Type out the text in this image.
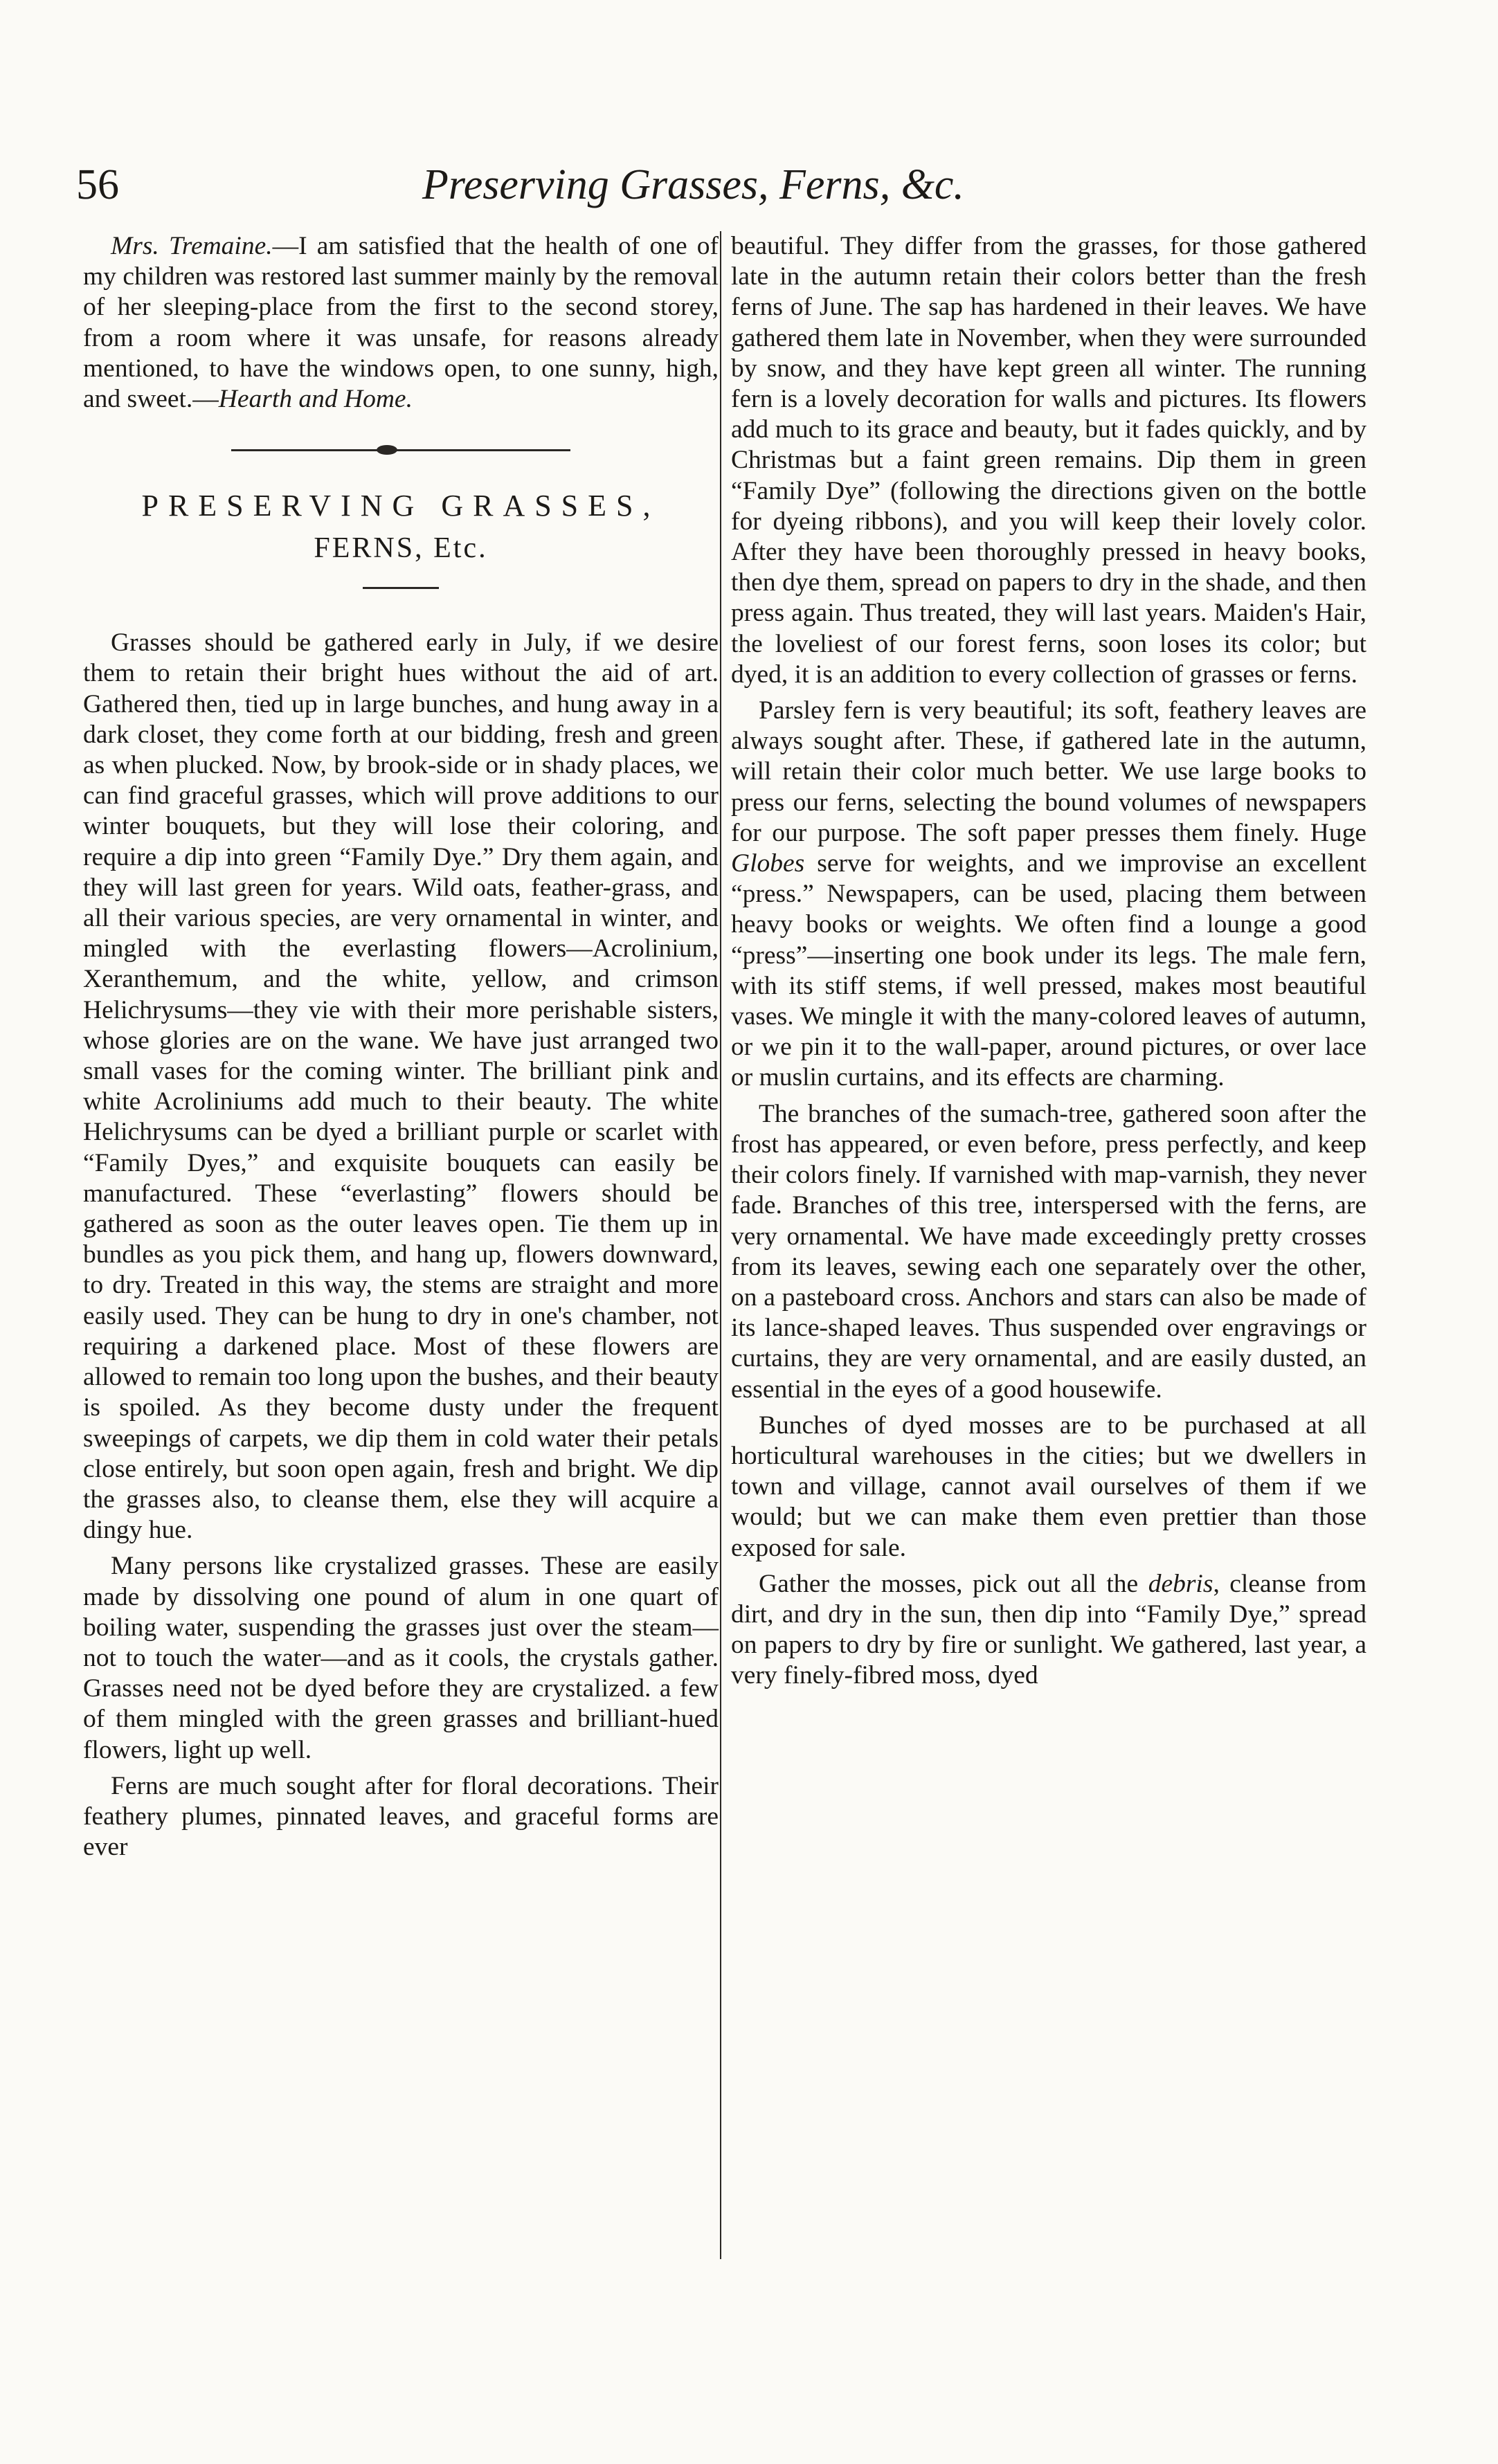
56	Preserving Grasses, Ferns, &c.

Mrs. Tremaine.—I am satisfied that the health of one of my children was restored last summer mainly by the removal of her sleeping-place from the first to the second storey, from a room where it was unsafe, for reasons already mentioned, to have the windows open, to one sunny, high, and sweet.—Hearth and Home.

PRESERVING GRASSES,

FERNS, Etc.

Grasses should be gathered early in July, if we desire them to retain their bright hues without the aid of art. Gathered then, tied up in large bunches, and hung away in a dark closet, they come forth at our bidding, fresh and green as when plucked. Now, by brook-side or in shady places, we can find graceful grasses, which will prove additions to our winter bouquets, but they will lose their coloring, and require a dip into green “Family Dye.” Dry them again, and they will last green for years. Wild oats, feather-grass, and all their various species, are very ornamental in winter, and mingled with the everlasting flowers—Acrolinium, Xeranthemum, and the white, yellow, and crimson Helichrysums—they vie with their more perishable sisters, whose glories are on the wane. We have just arranged two small vases for the coming winter. The brilliant pink and white Acroliniums add much to their beauty. The white Helichrysums can be dyed a brilliant purple or scarlet with “Family Dyes,” and exquisite bouquets can easily be manufactured. These “everlasting” flowers should be gathered as soon as the outer leaves open. Tie them up in bundles as you pick them, and hang up, flowers downward, to dry. Treated in this way, the stems are straight and more easily used. They can be hung to dry in one's chamber, not requiring a darkened place. Most of these flowers are allowed to remain too long upon the bushes, and their beauty is spoiled. As they become dusty under the frequent sweepings of carpets, we dip them in cold water their petals close entirely, but soon open again, fresh and bright. We dip the grasses also, to cleanse them, else they will acquire a dingy hue.

Many persons like crystalized grasses. These are easily made by dissolving one pound of alum in one quart of boiling water, suspending the grasses just over the steam—not to touch the water—and as it cools, the crystals gather. Grasses need not be dyed before they are crystalized. a few of them mingled with the green grasses and brilliant-hued flowers, light up well.

Ferns are much sought after for floral decorations. Their feathery plumes, pinnated leaves, and graceful forms are ever

beautiful. They differ from the grasses, for those gathered late in the autumn retain their colors better than the fresh ferns of June. The sap has hardened in their leaves. We have gathered them late in November, when they were surrounded by snow, and they have kept green all winter. The running fern is a lovely decoration for walls and pictures. Its flowers add much to its grace and beauty, but it fades quickly, and by Christmas but a faint green remains. Dip them in green “Family Dye” (following the directions given on the bottle for dyeing ribbons), and you will keep their lovely color. After they have been thoroughly pressed in heavy books, then dye them, spread on papers to dry in the shade, and then press again. Thus treated, they will last years. Maiden's Hair, the loveliest of our forest ferns, soon loses its color; but dyed, it is an addition to every collection of grasses or ferns.

Parsley fern is very beautiful; its soft, feathery leaves are always sought after. These, if gathered late in the autumn, will retain their color much better. We use large books to press our ferns, selecting the bound volumes of newspapers for our purpose. The soft paper presses them finely. Huge Globes serve for weights, and we improvise an excellent “press.” Newspapers, can be used, placing them between heavy books or weights. We often find a lounge a good “press”—inserting one book under its legs. The male fern, with its stiff stems, if well pressed, makes most beautiful vases. We mingle it with the many-colored leaves of autumn, or we pin it to the wall-paper, around pictures, or over lace or muslin curtains, and its effects are charming.

The branches of the sumach-tree, gathered soon after the frost has appeared, or even before, press perfectly, and keep their colors finely. If varnished with map-varnish, they never fade. Branches of this tree, interspersed with the ferns, are very ornamental. We have made exceedingly pretty crosses from its leaves, sewing each one separately over the other, on a pasteboard cross. Anchors and stars can also be made of its lance-shaped leaves. Thus suspended over engravings or curtains, they are very ornamental, and are easily dusted, an essential in the eyes of a good housewife.

Bunches of dyed mosses are to be purchased at all horticultural warehouses in the cities; but we dwellers in town and village, cannot avail ourselves of them if we would; but we can make them even prettier than those exposed for sale.

Gather the mosses, pick out all the debris, cleanse from dirt, and dry in the sun, then dip into “Family Dye,” spread on papers to dry by fire or sunlight. We gathered, last year, a very finely-fibred moss, dyed
